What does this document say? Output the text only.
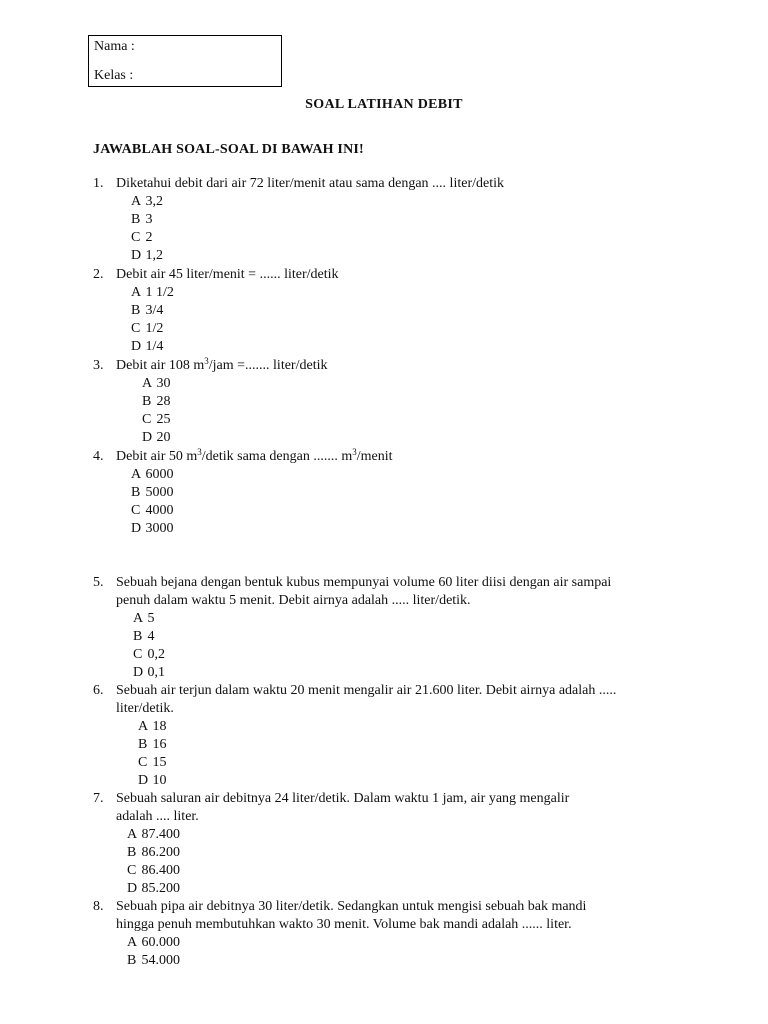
Nama :
Kelas :
SOAL LATIHAN DEBIT
JAWABLAH SOAL-SOAL DI BAWAH INI!
1. Diketahui debit dari air 72 liter/menit atau sama dengan .... liter/detik
A 3,2
B 3
C 2
D 1,2
2. Debit air 45 liter/menit = ...... liter/detik
A 1 1/2
B 3/4
C 1/2
D 1/4
3. Debit air 108 $m^3$/jam =....... liter/detik
A 30
B 28
C 25
D 20
4. Debit air 50 $m^3$/detik sama dengan ....... $m^3$/menit
A 6000
B 5000
C 4000
D 3000
5. Sebuah bejana dengan bentuk kubus mempunyai volume 60 liter diisi dengan air sampai
penuh dalam waktu 5 menit. Debit airnya adalah ..... liter/detik.
A 5
B 4
C 0,2
D 0,1
6. Sebuah air terjun dalam waktu 20 menit mengalir air 21.600 liter. Debit airnya adalah .....
liter/detik.
A 18
B 16
C 15
D 10
7. Sebuah saluran air debitnya 24 liter/detik. Dalam waktu 1 jam, air yang mengalir
adalah .... liter.
A 87.400
B 86.200
C 86.400
D 85.200
8. Sebuah pipa air debitnya 30 liter/detik. Sedangkan untuk mengisi sebuah bak mandi
hingga penuh membutuhkan wakto 30 menit. Volume bak mandi adalah ...... liter.
A 60.000
B 54.000
